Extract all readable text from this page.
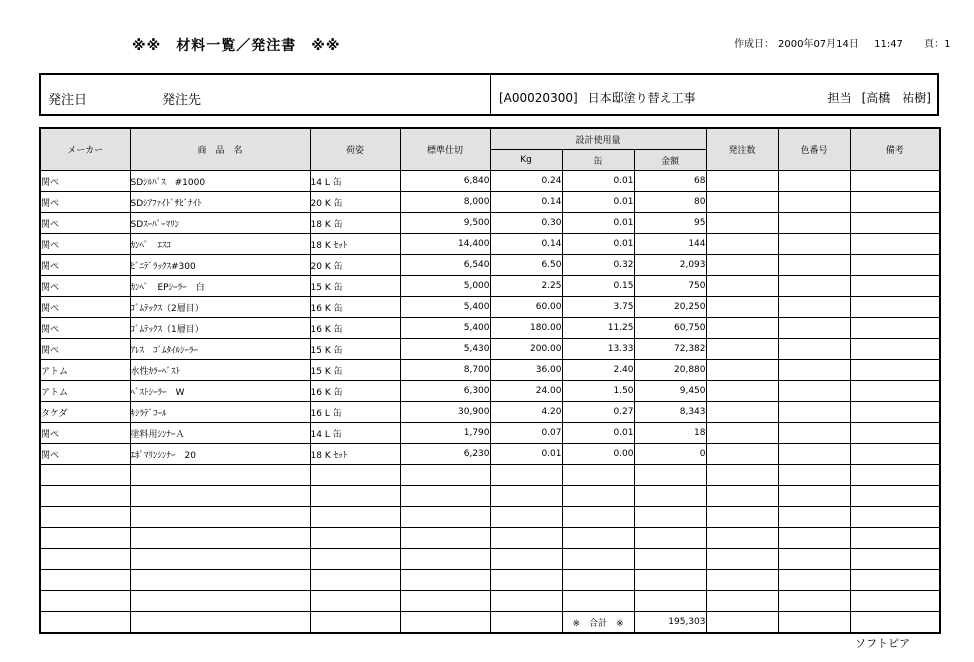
※※　材料一覧／発注書　※※	作成日： 2000年07月14日 11:47 頁：1
発注日	発注先	[A00020300] 日本邸塗り替え工事	担当 [高橋　祐樹]
メーカー	商　品　名	荷姿	標準仕切	設計使用量			発注数	色番号	備考
				Kg	缶	金額			
関ペ	SDｼﾙﾊﾞｽ　#1000	14 L 缶	6,840	0.24	0.01	68			
関ペ	SDｼｱﾌｧｲﾄﾞｻﾋﾞﾅｲﾄ	20 K 缶	8,000	0.14	0.01	80			
関ペ	SDｽｰﾊﾟｰﾏﾘﾝ	18 K 缶	9,500	0.30	0.01	95			
関ペ	ｶﾝﾍﾟ　ｴｽｺ	18 K ｾｯﾄ	14,400	0.14	0.01	144			
関ペ	ﾋﾞﾆﾃﾞﾗｯｸｽ#300	20 K 缶	6,540	6.50	0.32	2,093			
関ペ	ｶﾝﾍﾟ　EPｼｰﾗｰ　白	15 K 缶	5,000	2.25	0.15	750			
関ペ	ｺﾞﾑﾃｯｸｽ（2層目）	16 K 缶	5,400	60.00	3.75	20,250			
関ペ	ｺﾞﾑﾃｯｸｽ（1層目）	16 K 缶	5,400	180.00	11.25	60,750			
関ペ	ｱﾚｽ　ｺﾞﾑﾀｲﾙｼｰﾗｰ	15 K 缶	5,430	200.00	13.33	72,382			
アトム	水性ｶﾗｰﾍﾞｽﾄ	15 K 缶	8,700	36.00	2.40	20,880			
アトム	ﾍﾞｽﾄｼｰﾗｰ　W	16 K 缶	6,300	24.00	1.50	9,450			
タケダ	ｷｼﾗﾃﾞｺｰﾙ	16 L 缶	30,900	4.20	0.27	8,343			
関ペ	塗料用ｼﾝﾅｰＡ	14 L 缶	1,790	0.07	0.01	18			
関ペ	ｴﾎﾟﾏﾘﾝｼﾝﾅｰ　20	18 K ｾｯﾄ	6,230	0.01	0.00	0			

					※　合計　※	195,303			
ソフトピア
